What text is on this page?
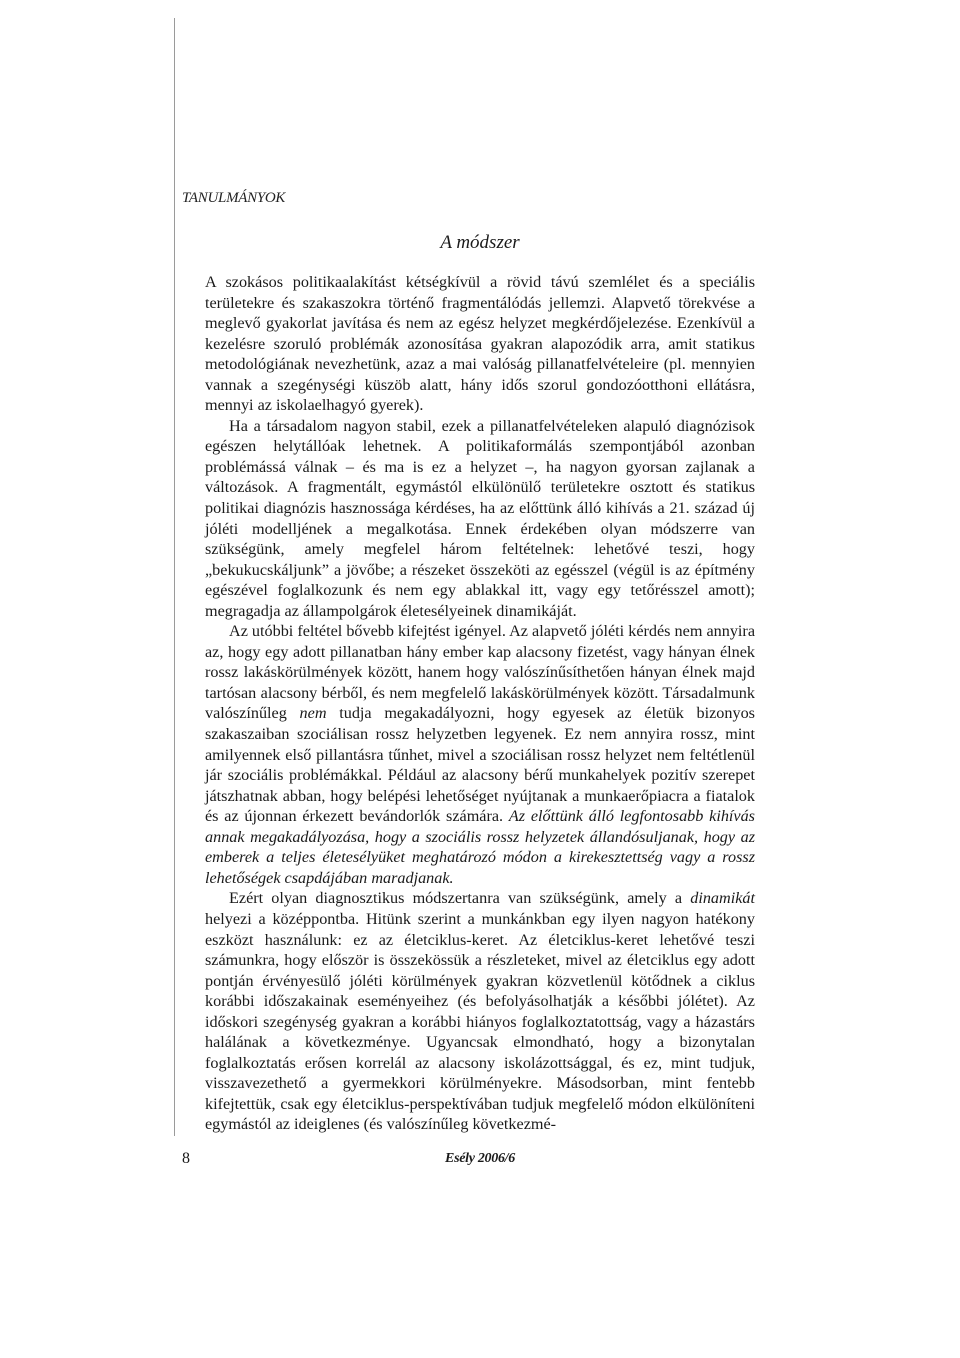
TANULMÁNYOK
A módszer

A szokásos politikaalakítást kétségkívül a rövid távú szemlélet és a speciális területekre és szakaszokra történő fragmentálódás jellemzi. Alapvető törekvése a meglevő gyakorlat javítása és nem az egész helyzet megkérdőjelezése. Ezenkívül a kezelésre szoruló problémák azonosítása gyakran alapozódik arra, amit statikus metodológiának nevezhetünk, azaz a mai valóság pillanatfelvételeire (pl. mennyien vannak a szegénységi küszöb alatt, hány idős szorul gondozóotthoni ellátásra, mennyi az iskolaelhagyó gyerek).

Ha a társadalom nagyon stabil, ezek a pillanatfelvételeken alapuló diagnózisok egészen helytállóak lehetnek. A politikaformálás szempontjából azonban problémássá válnak – és ma is ez a helyzet –, ha nagyon gyorsan zajlanak a változások. A fragmentált, egymástól elkülönülő területekre osztott és statikus politikai diagnózis hasznossága kérdéses, ha az előttünk álló kihívás a 21. század új jóléti modelljének a megalkotása. Ennek érdekében olyan módszerre van szükségünk, amely megfelel három feltételnek: lehetővé teszi, hogy „bekukucskáljunk” a jövőbe; a részeket összeköti az egésszel (végül is az építmény egészével foglalkozunk és nem egy ablakkal itt, vagy egy tetőrésszel amott); megragadja az állampolgárok életesélyeinek dinamikáját.

Az utóbbi feltétel bővebb kifejtést igényel. Az alapvető jóléti kérdés nem annyira az, hogy egy adott pillanatban hány ember kap alacsony fizetést, vagy hányan élnek rossz lakáskörülmények között, hanem hogy valószínűsíthetően hányan élnek majd tartósan alacsony bérből, és nem megfelelő lakáskörülmények között. Társadalmunk valószínűleg nem tudja megakadályozni, hogy egyesek az életük bizonyos szakaszaiban szociálisan rossz helyzetben legyenek. Ez nem annyira rossz, mint amilyennek első pillantásra tűnhet, mivel a szociálisan rossz helyzet nem feltétlenül jár szociális problémákkal. Például az alacsony bérű munkahelyek pozitív szerepet játszhatnak abban, hogy belépési lehetőséget nyújtanak a munkaerőpiacra a fiatalok és az újonnan érkezett bevándorlók számára. Az előttünk álló legfontosabb kihívás annak megakadályozása, hogy a szociális rossz helyzetek állandósuljanak, hogy az emberek a teljes életesélyüket meghatározó módon a kirekesztettség vagy a rossz lehetőségek csapdájában maradjanak.

Ezért olyan diagnosztikus módszertanra van szükségünk, amely a dinamikát helyezi a középpontba. Hitünk szerint a munkánkban egy ilyen nagyon hatékony eszközt használunk: ez az életciklus-keret. Az életciklus-keret lehetővé teszi számunkra, hogy először is összekössük a részleteket, mivel az életciklus egy adott pontján érvényesülő jóléti körülmények gyakran közvetlenül kötődnek a ciklus korábbi időszakainak eseményeihez (és befolyásolhatják a későbbi jólétet). Az időskori szegénység gyakran a korábbi hiányos foglalkoztatottság, vagy a házastárs halálának a következménye. Ugyancsak elmondható, hogy a bizonytalan foglalkoztatás erősen korrelál az alacsony iskolázottsággal, és ez, mint tudjuk, visszavezethető a gyermekkori körülményekre. Másodsorban, mint fentebb kifejtettük, csak egy életciklus-perspektívában tudjuk megfelelő módon elkülöníteni egymástól az ideiglenes (és valószínűleg következmé-

8	Esély 2006/6
